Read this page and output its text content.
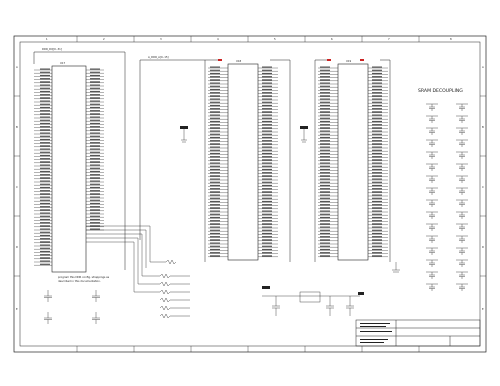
1	2	3	4	5	6	7	8
A
B
C
D
E
A
B
C
D
E
DDR_DQ[0..31]
A_DDR_A[0..15]
U17
U18	U19
SRAM DECOUPLING
program this DDR config. strappings as
described in this documentation.
